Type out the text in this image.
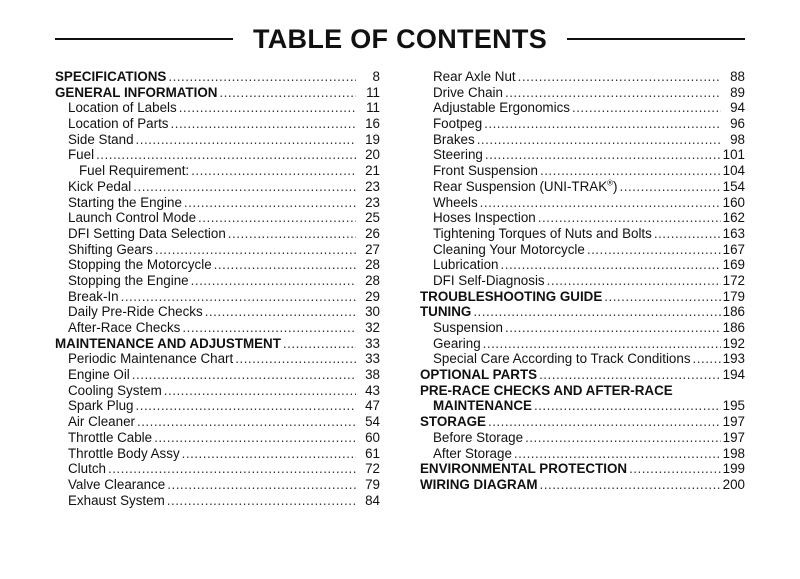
TABLE OF CONTENTS
SPECIFICATIONS .....	8
GENERAL INFORMATION .....	11
Location of Labels .....	11
Location of Parts .....	16
Side Stand .....	19
Fuel .....	20
Fuel Requirement: .....	21
Kick Pedal .....	23
Starting the Engine .....	23
Launch Control Mode .....	25
DFI Setting Data Selection .....	26
Shifting Gears .....	27
Stopping the Motorcycle .....	28
Stopping the Engine .....	28
Break-In .....	29
Daily Pre-Ride Checks .....	30
After-Race Checks .....	32
MAINTENANCE AND ADJUSTMENT .....	33
Periodic Maintenance Chart .....	33
Engine Oil .....	38
Cooling System .....	43
Spark Plug .....	47
Air Cleaner .....	54
Throttle Cable .....	60
Throttle Body Assy .....	61
Clutch .....	72
Valve Clearance .....	79
Exhaust System .....	84
Rear Axle Nut .....	88
Drive Chain .....	89
Adjustable Ergonomics .....	94
Footpeg .....	96
Brakes .....	98
Steering .....	101
Front Suspension .....	104
Rear Suspension (UNI-TRAK®) .....	154
Wheels .....	160
Hoses Inspection .....	162
Tightening Torques of Nuts and Bolts .....	163
Cleaning Your Motorcycle .....	167
Lubrication .....	169
DFI Self-Diagnosis .....	172
TROUBLESHOOTING GUIDE .....	179
TUNING .....	186
Suspension .....	186
Gearing .....	192
Special Care According to Track Conditions ..... 193
OPTIONAL PARTS .....	194
PRE-RACE CHECKS AND AFTER-RACE
MAINTENANCE .....	195
STORAGE .....	197
Before Storage .....	197
After Storage .....	198
ENVIRONMENTAL PROTECTION .....	199
WIRING DIAGRAM .....	200
